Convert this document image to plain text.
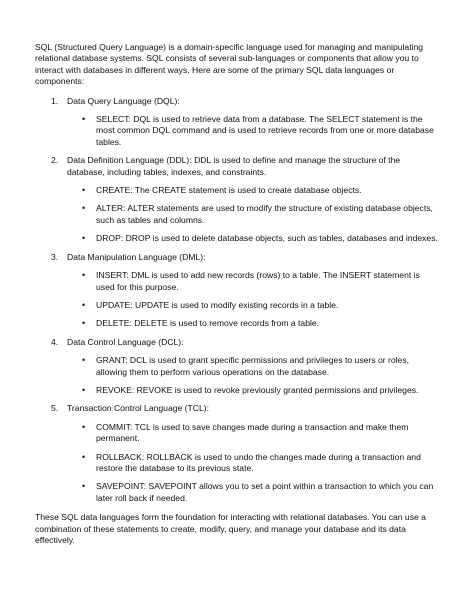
SQL (Structured Query Language) is a domain-specific language used for managing and manipulating relational database systems. SQL consists of several sub-languages or components that allow you to interact with databases in different ways. Here are some of the primary SQL data languages or components:

1.	Data Query Language (DQL):
•	SELECT: DQL is used to retrieve data from a database. The SELECT statement is the most common DQL command and is used to retrieve records from one or more database tables.
2.	Data Definition Language (DDL): DDL is used to define and manage the structure of the database, including tables, indexes, and constraints.
•	CREATE: The CREATE statement is used to create database objects.
•	ALTER: ALTER statements are used to modify the structure of existing database objects, such as tables and columns.
•	DROP: DROP is used to delete database objects, such as tables, databases and indexes.
3.	Data Manipulation Language (DML):
•	INSERT: DML is used to add new records (rows) to a table. The INSERT statement is used for this purpose.
•	UPDATE: UPDATE is used to modify existing records in a table.
•	DELETE: DELETE is used to remove records from a table.
4.	Data Control Language (DCL):
•	GRANT: DCL is used to grant specific permissions and privileges to users or roles, allowing them to perform various operations on the database.
•	REVOKE: REVOKE is used to revoke previously granted permissions and privileges.
5.	Transaction Control Language (TCL):
•	COMMIT: TCL is used to save changes made during a transaction and make them permanent.
•	ROLLBACK: ROLLBACK is used to undo the changes made during a transaction and restore the database to its previous state.
•	SAVEPOINT: SAVEPOINT allows you to set a point within a transaction to which you can later roll back if needed.

These SQL data languages form the foundation for interacting with relational databases. You can use a combination of these statements to create, modify, query, and manage your database and its data effectively.
